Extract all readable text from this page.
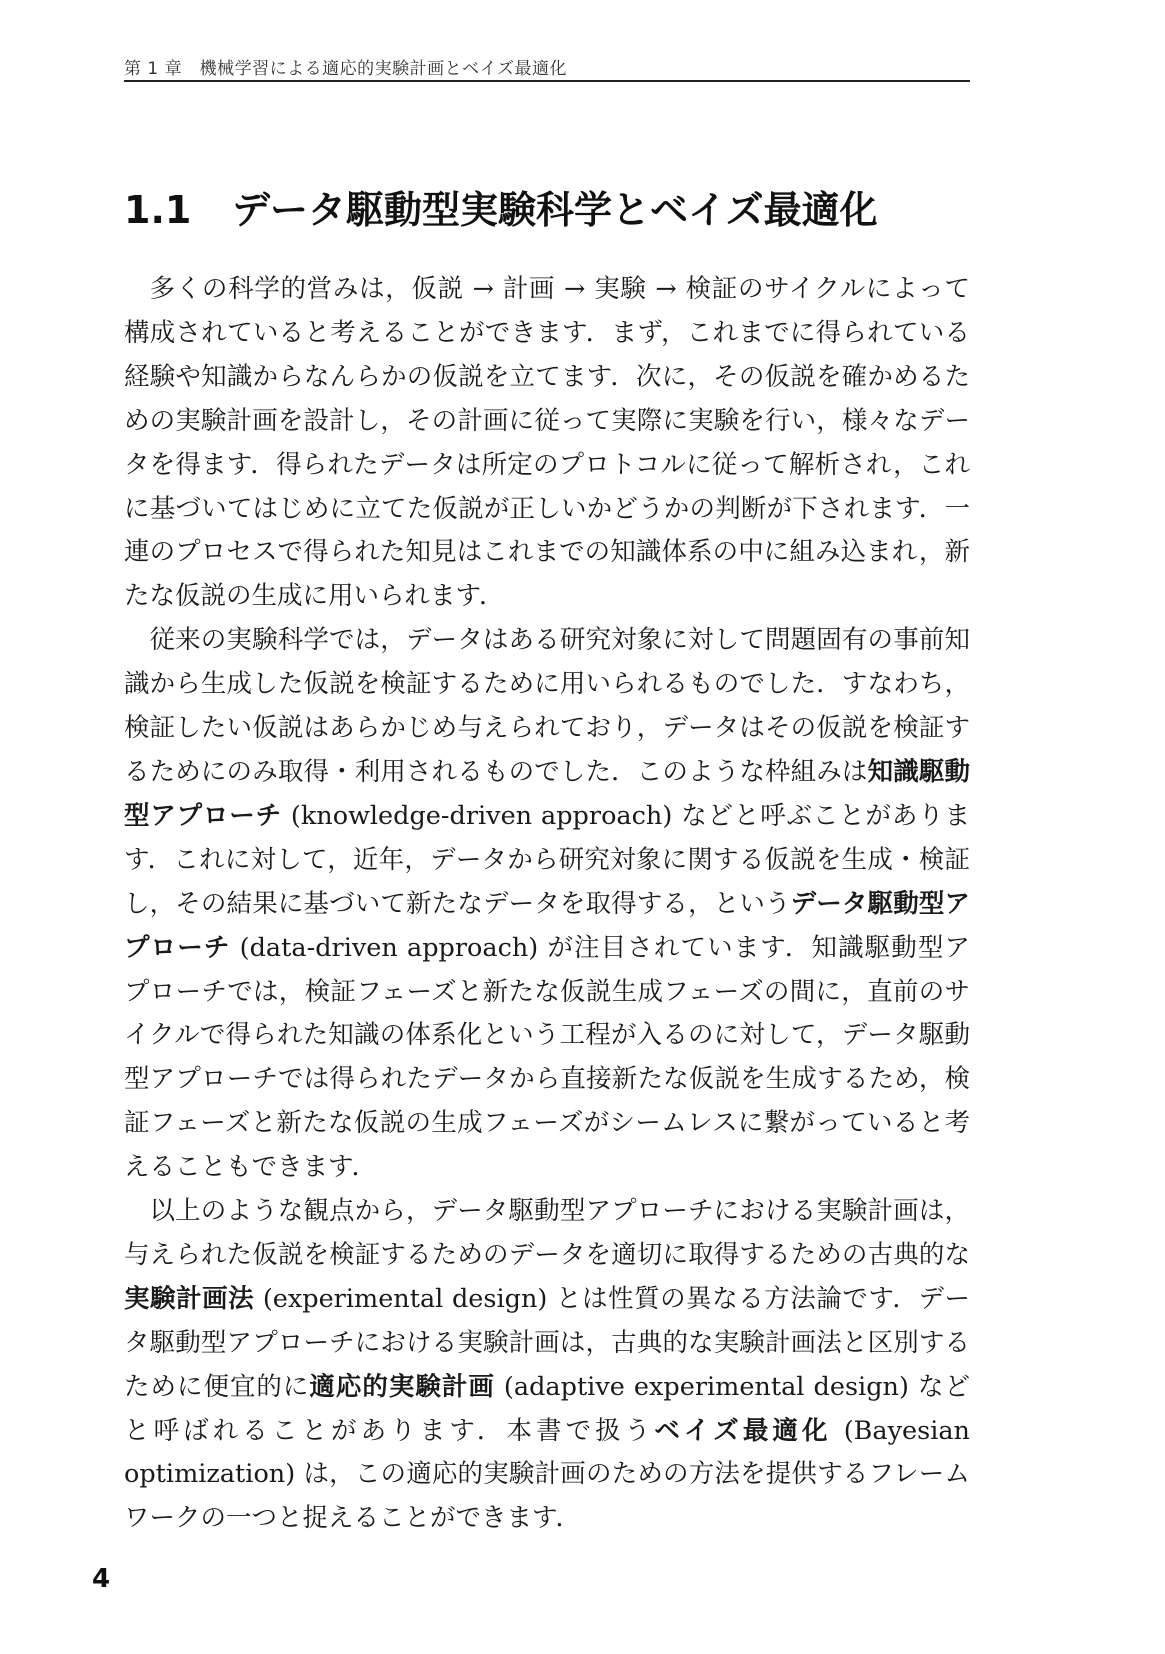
第 1 章　機械学習による適応的実験計画とベイズ最適化
1.1 データ駆動型実験科学とベイズ最適化

多くの科学的営みは，仮説 → 計画 → 実験 → 検証のサイクルによって構成されていると考えることができます．まず，これまでに得られている経験や知識からなんらかの仮説を立てます．次に，その仮説を確かめるための実験計画を設計し，その計画に従って実際に実験を行い，様々なデータを得ます．得られたデータは所定のプロトコルに従って解析され，これに基づいてはじめに立てた仮説が正しいかどうかの判断が下されます．一連のプロセスで得られた知見はこれまでの知識体系の中に組み込まれ，新たな仮説の生成に用いられます．

従来の実験科学では，データはある研究対象に対して問題固有の事前知識から生成した仮説を検証するために用いられるものでした．すなわち，検証したい仮説はあらかじめ与えられており，データはその仮説を検証するためにのみ取得・利用されるものでした．このような枠組みは知識駆動型アプローチ (knowledge-driven approach) などと呼ぶことがあります．これに対して，近年，データから研究対象に関する仮説を生成・検証し，その結果に基づいて新たなデータを取得する，というデータ駆動型アプローチ (data-driven approach) が注目されています．知識駆動型アプローチでは，検証フェーズと新たな仮説生成フェーズの間に，直前のサイクルで得られた知識の体系化という工程が入るのに対して，データ駆動型アプローチでは得られたデータから直接新たな仮説を生成するため，検証フェーズと新たな仮説の生成フェーズがシームレスに繋がっていると考えることもできます．

以上のような観点から，データ駆動型アプローチにおける実験計画は，与えられた仮説を検証するためのデータを適切に取得するための古典的な実験計画法 (experimental design) とは性質の異なる方法論です．データ駆動型アプローチにおける実験計画は，古典的な実験計画法と区別するために便宜的に適応的実験計画 (adaptive experimental design) などと呼ばれることがあります．本書で扱うベイズ最適化 (Bayesian optimization) は，この適応的実験計画のための方法を提供するフレームワークの一つと捉えることができます．

4
